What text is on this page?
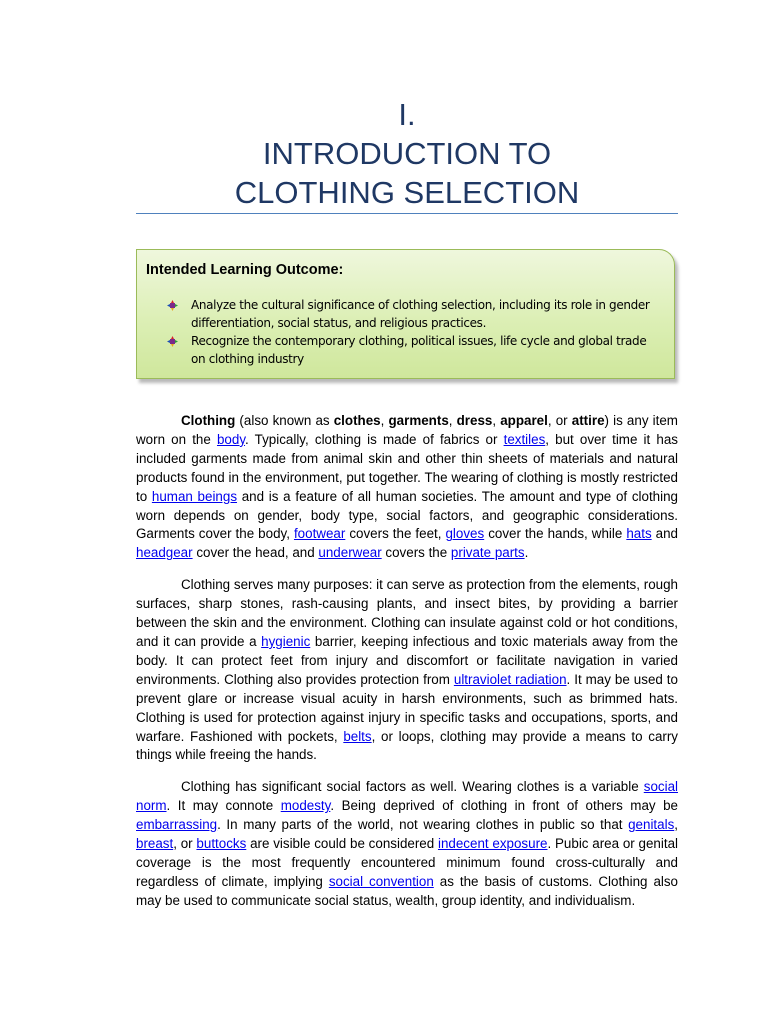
I.
INTRODUCTION TO
CLOTHING SELECTION
Intended Learning Outcome:
Analyze the cultural significance of clothing selection, including its role in gender differentiation, social status, and religious practices.
Recognize the contemporary clothing, political issues, life cycle and global trade on clothing industry

Clothing (also known as clothes, garments, dress, apparel, or attire) is any item worn on the body. Typically, clothing is made of fabrics or textiles, but over time it has included garments made from animal skin and other thin sheets of materials and natural products found in the environment, put together. The wearing of clothing is mostly restricted to human beings and is a feature of all human societies. The amount and type of clothing worn depends on gender, body type, social factors, and geographic considerations. Garments cover the body, footwear covers the feet, gloves cover the hands, while hats and headgear cover the head, and underwear covers the private parts.

Clothing serves many purposes: it can serve as protection from the elements, rough surfaces, sharp stones, rash-causing plants, and insect bites, by providing a barrier between the skin and the environment. Clothing can insulate against cold or hot conditions, and it can provide a hygienic barrier, keeping infectious and toxic materials away from the body. It can protect feet from injury and discomfort or facilitate navigation in varied environments. Clothing also provides protection from ultraviolet radiation. It may be used to prevent glare or increase visual acuity in harsh environments, such as brimmed hats. Clothing is used for protection against injury in specific tasks and occupations, sports, and warfare. Fashioned with pockets, belts, or loops, clothing may provide a means to carry things while freeing the hands.

Clothing has significant social factors as well. Wearing clothes is a variable social norm. It may connote modesty. Being deprived of clothing in front of others may be embarrassing. In many parts of the world, not wearing clothes in public so that genitals, breast, or buttocks are visible could be considered indecent exposure. Pubic area or genital coverage is the most frequently encountered minimum found cross-culturally and regardless of climate, implying social convention as the basis of customs. Clothing also may be used to communicate social status, wealth, group identity, and individualism.
